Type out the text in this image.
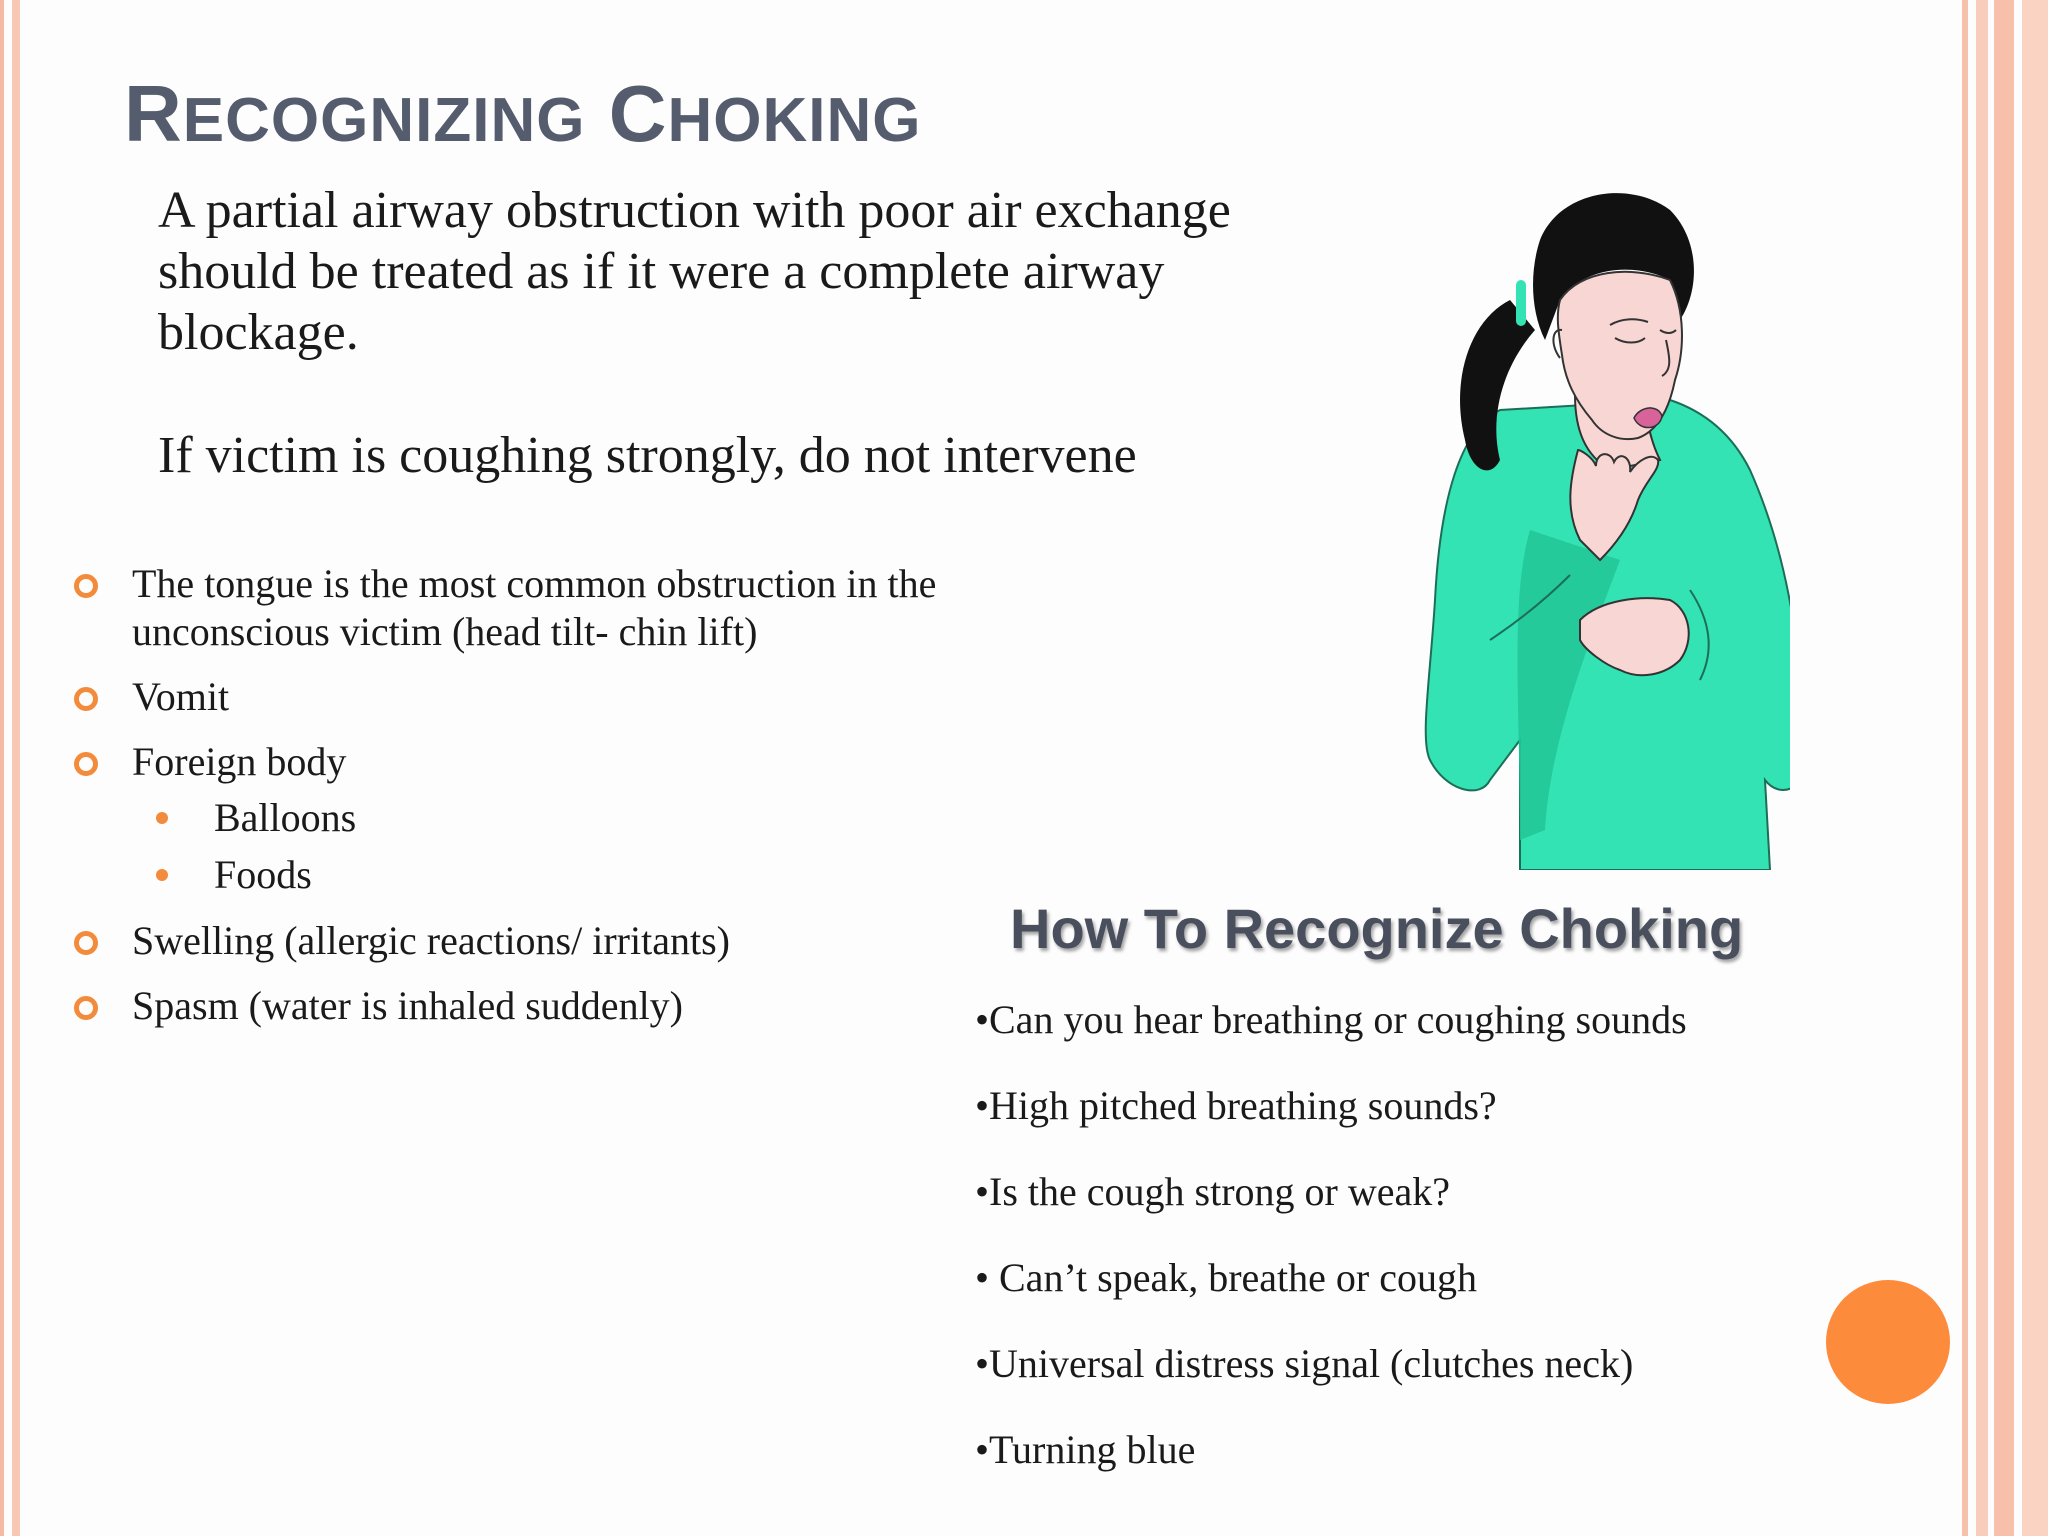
RECOGNIZING CHOKING

A partial airway obstruction with poor air exchange should be treated as if it were a complete airway blockage.

If victim is coughing strongly, do not intervene

The tongue is the most common obstruction in the unconscious victim (head tilt- chin lift)
Vomit
Foreign body
Balloons
Foods
Swelling (allergic reactions/ irritants)
Spasm (water is inhaled suddenly)
How To Recognize Choking
•Can you hear breathing or coughing sounds
•High pitched breathing sounds?
•Is the cough strong or weak?
• Can’t speak, breathe or cough
•Universal distress signal (clutches neck)
•Turning blue
